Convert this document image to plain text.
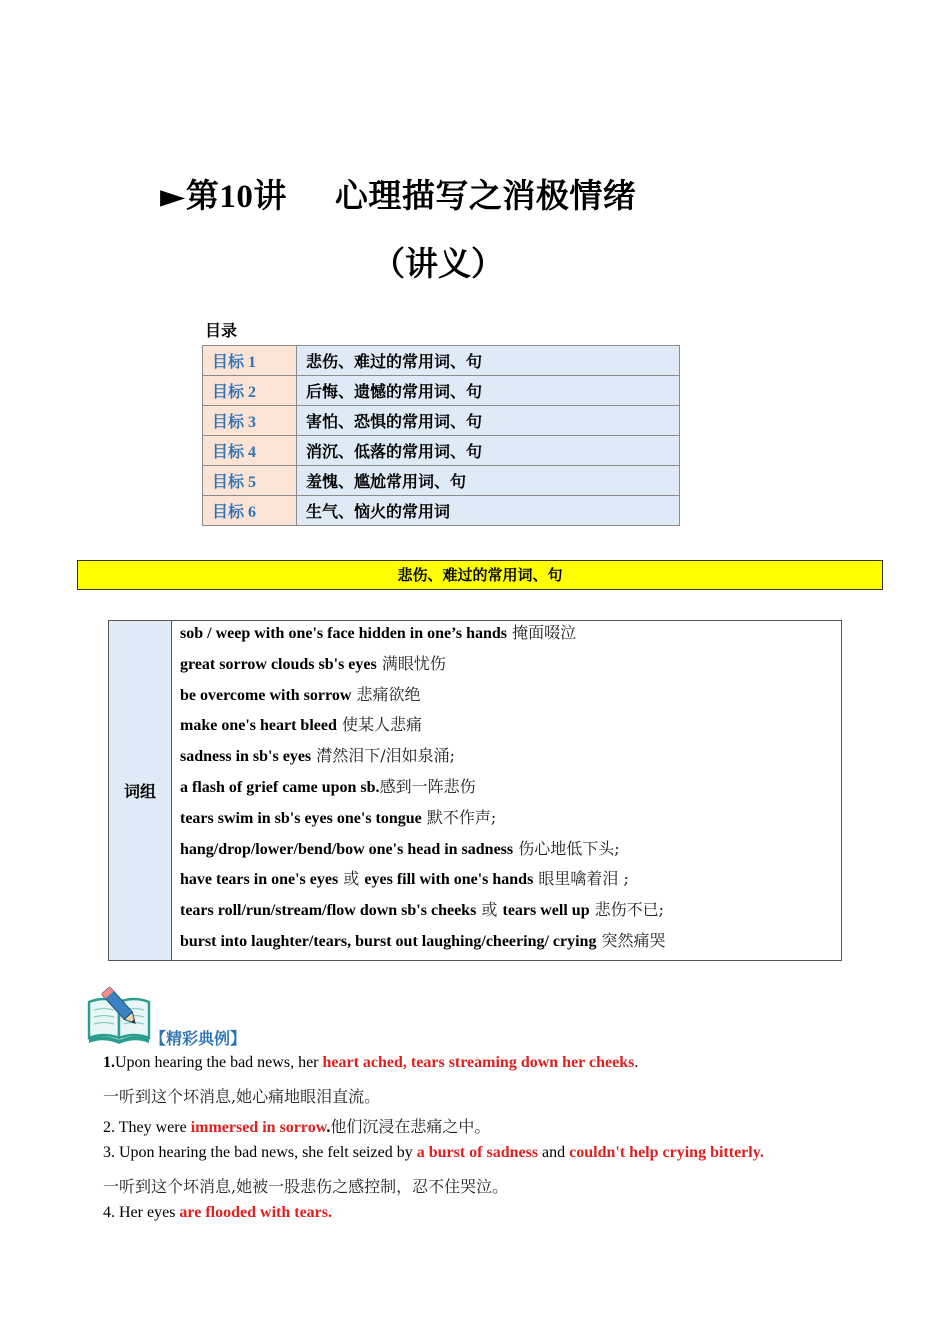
►第10讲 心理描写之消极情绪
（讲义）
目录
目标 1	悲伤、难过的常用词、句
目标 2	后悔、遗憾的常用词、句
目标 3	害怕、恐惧的常用词、句
目标 4	消沉、低落的常用词、句
目标 5	羞愧、尴尬常用词、句
目标 6	生气、恼火的常用词
悲伤、难过的常用词、句
词组	
sob / weep with one's face hidden in one’s hands 掩面啜泣
great sorrow clouds sb's eyes 满眼忧伤
be overcome with sorrow 悲痛欲绝
make one's heart bleed 使某人悲痛
sadness in sb's eyes 潸然泪下/泪如泉涌;
a flash of grief came upon sb.感到一阵悲伤
tears swim in sb's eyes one's tongue 默不作声;
hang/drop/lower/bend/bow one's head in sadness 伤心地低下头;
have tears in one's eyes 或 eyes fill with one's hands 眼里噙着泪 ;
tears roll/run/stream/flow down sb's cheeks 或 tears well up 悲伤不已;
burst into laughter/tears, burst out laughing/cheering/ crying 突然痛哭
【精彩典例】
1.Upon hearing the bad news, her heart ached, tears streaming down her cheeks.
一听到这个坏消息,她心痛地眼泪直流。
2. They were immersed in sorrow.他们沉浸在悲痛之中。
3. Upon hearing the bad news, she felt seized by a burst of sadness and couldn't help crying bitterly.
一听到这个坏消息,她被一股悲伤之感控制，忍不住哭泣。
4. Her eyes are flooded with tears.
